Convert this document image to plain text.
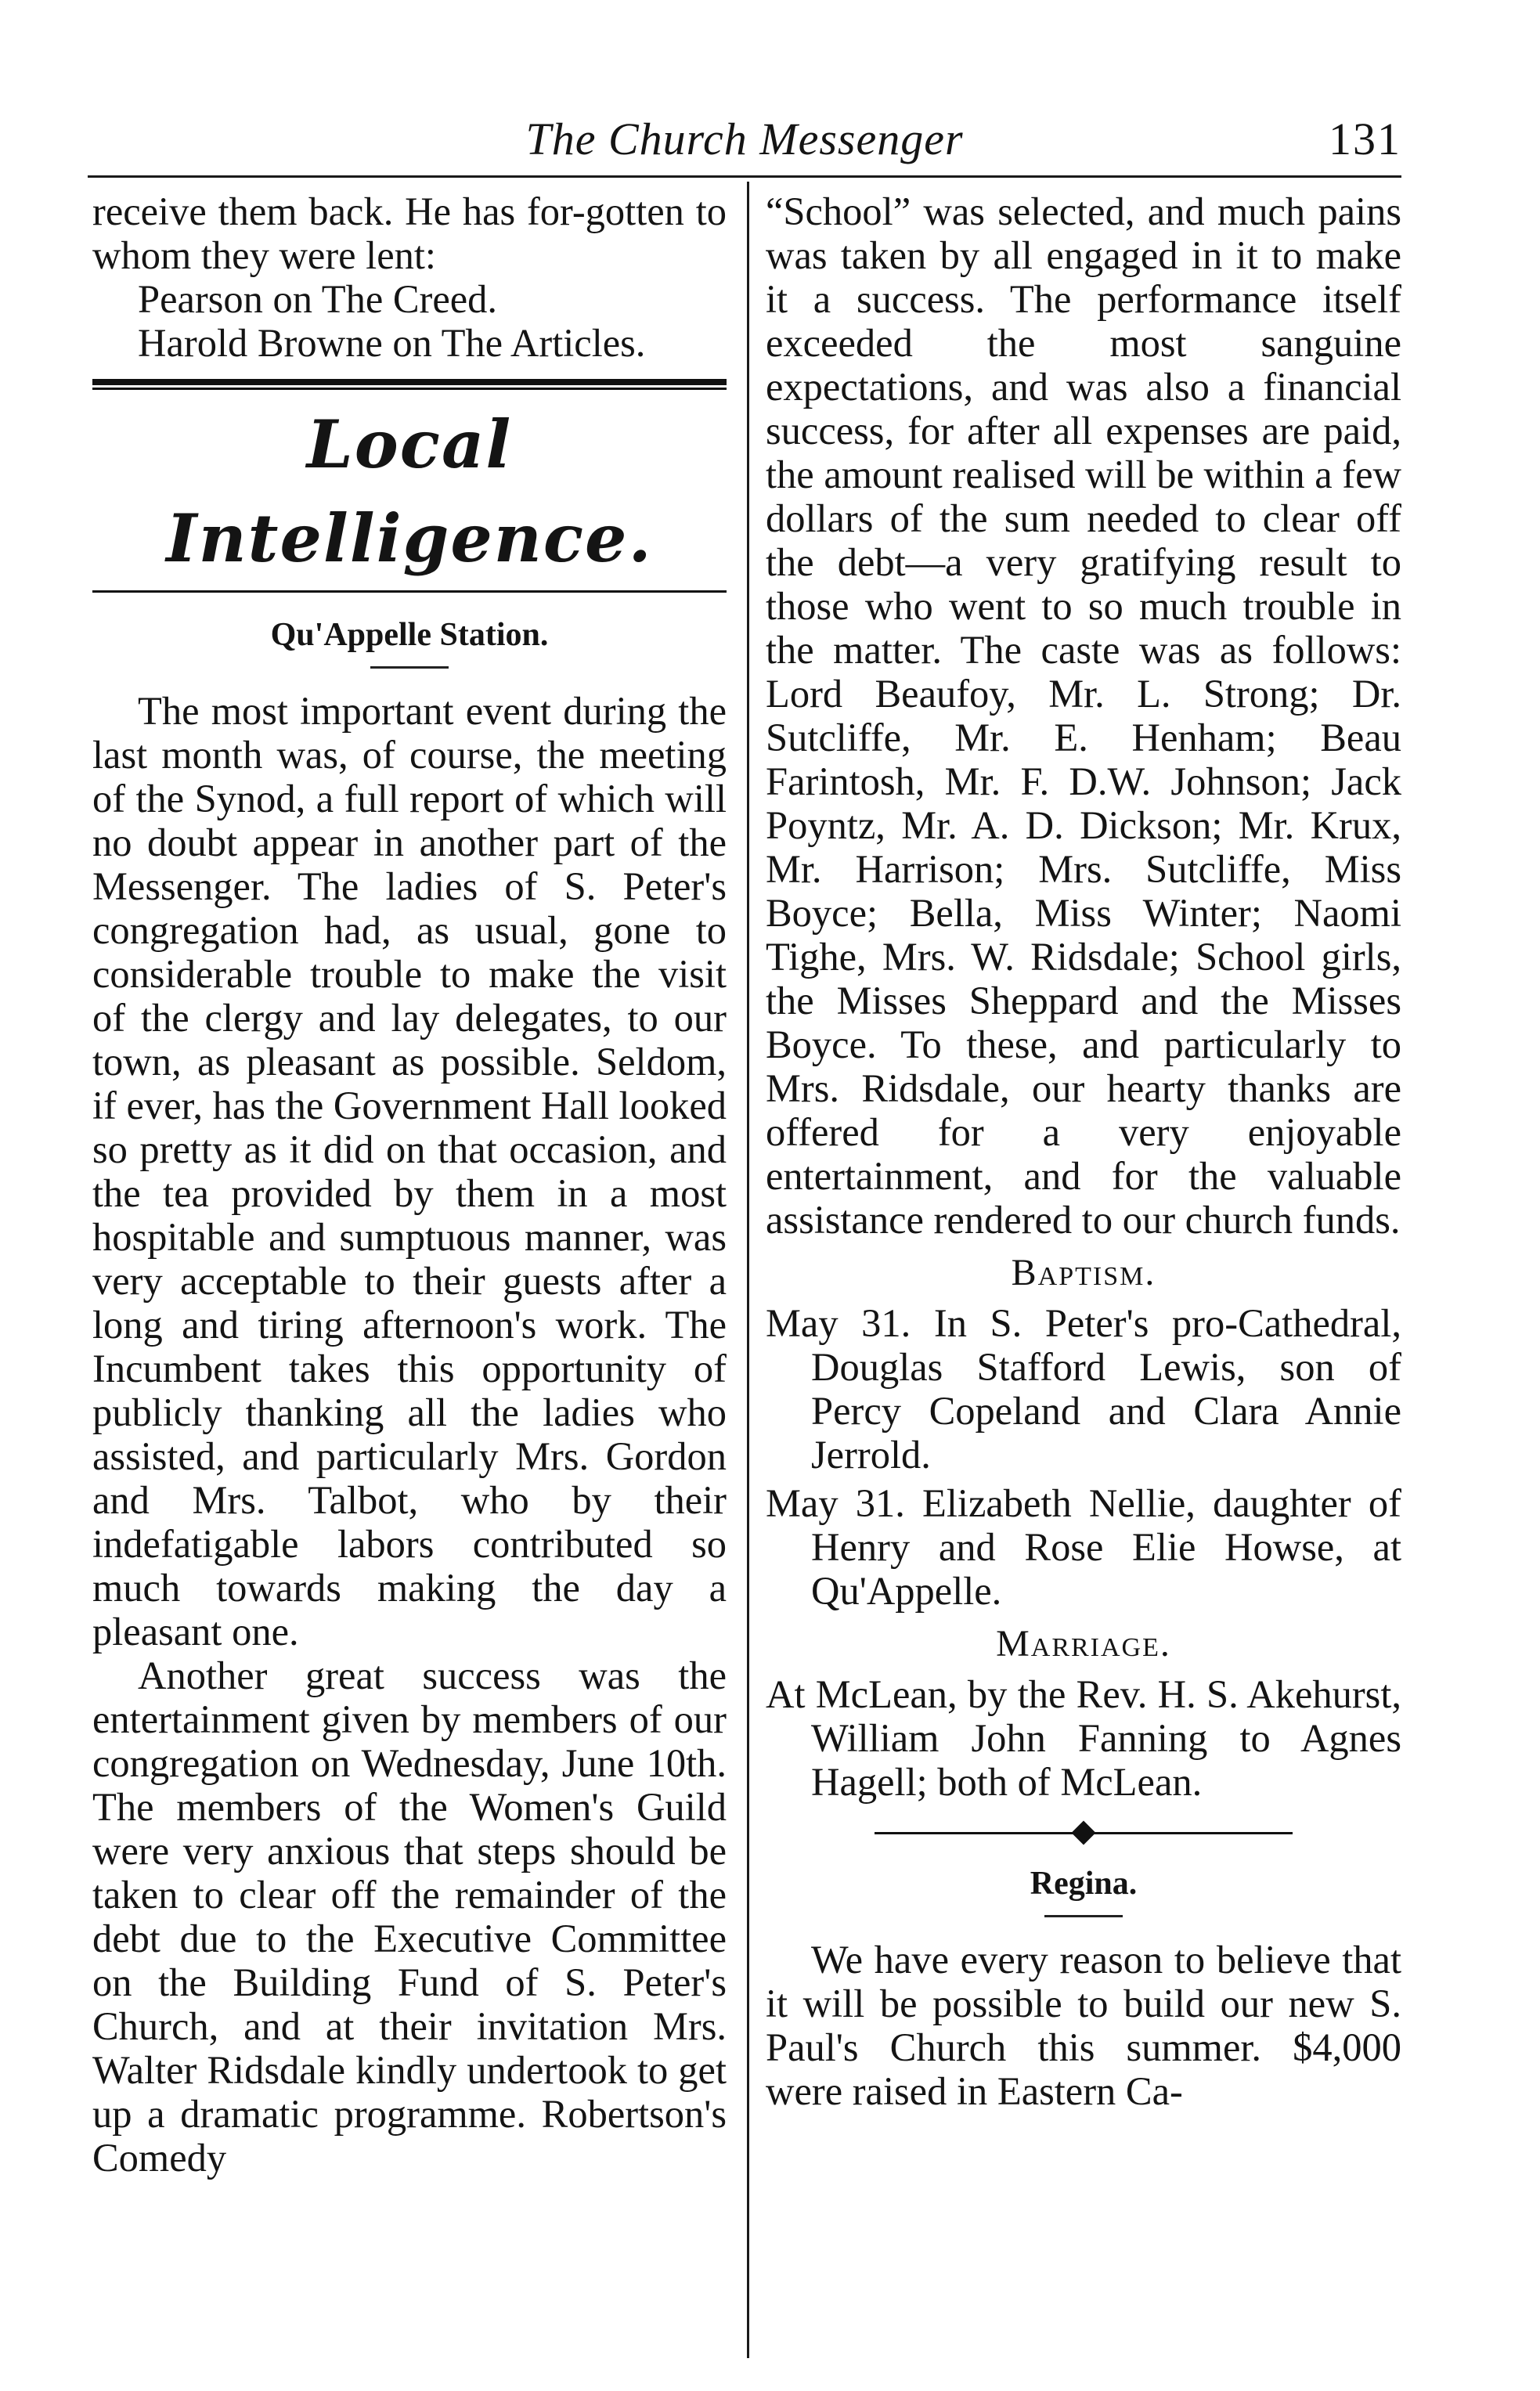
The Church Messenger	131

receive them back. He has for-gotten to whom they were lent:

Pearson on The Creed.

Harold Browne on The Articles.

Local Intelligence.
Qu'Appelle Station.

The most important event during the last month was, of course, the meeting of the Synod, a full report of which will no doubt appear in another part of the Messenger. The ladies of S. Peter's congregation had, as usual, gone to considerable trouble to make the visit of the clergy and lay delegates, to our town, as pleasant as possible. Seldom, if ever, has the Government Hall looked so pretty as it did on that occasion, and the tea provided by them in a most hospitable and sumptuous manner, was very acceptable to their guests after a long and tiring afternoon's work. The Incumbent takes this opportunity of publicly thanking all the ladies who assisted, and particularly Mrs. Gordon and Mrs. Talbot, who by their indefatigable labors contributed so much towards making the day a pleasant one.

Another great success was the entertainment given by members of our congregation on Wednesday, June 10th. The members of the Women's Guild were very anxious that steps should be taken to clear off the remainder of the debt due to the Executive Committee on the Building Fund of S. Peter's Church, and at their invitation Mrs. Walter Ridsdale kindly undertook to get up a dramatic programme. Robertson's Comedy

“School” was selected, and much pains was taken by all engaged in it to make it a success. The performance itself exceeded the most sanguine expectations, and was also a financial success, for after all expenses are paid, the amount realised will be within a few dollars of the sum needed to clear off the debt—a very gratifying result to those who went to so much trouble in the matter. The caste was as follows: Lord Beaufoy, Mr. L. Strong; Dr. Sutcliffe, Mr. E. Henham; Beau Farintosh, Mr. F. D.W. Johnson; Jack Poyntz, Mr. A. D. Dickson; Mr. Krux, Mr. Harrison; Mrs. Sutcliffe, Miss Boyce; Bella, Miss Winter; Naomi Tighe, Mrs. W. Ridsdale; School girls, the Misses Sheppard and the Misses Boyce. To these, and particularly to Mrs. Ridsdale, our hearty thanks are offered for a very enjoyable entertainment, and for the valuable assistance rendered to our church funds.

Baptism.

May 31. In S. Peter's pro-Cathedral, Douglas Stafford Lewis, son of Percy Copeland and Clara Annie Jerrold.

May 31. Elizabeth Nellie, daughter of Henry and Rose Elie Howse, at Qu'Appelle.

Marriage.

At McLean, by the Rev. H. S. Akehurst, William John Fanning to Agnes Hagell; both of McLean.

Regina.

We have every reason to believe that it will be possible to build our new S. Paul's Church this summer. $4,000 were raised in Eastern Ca-
